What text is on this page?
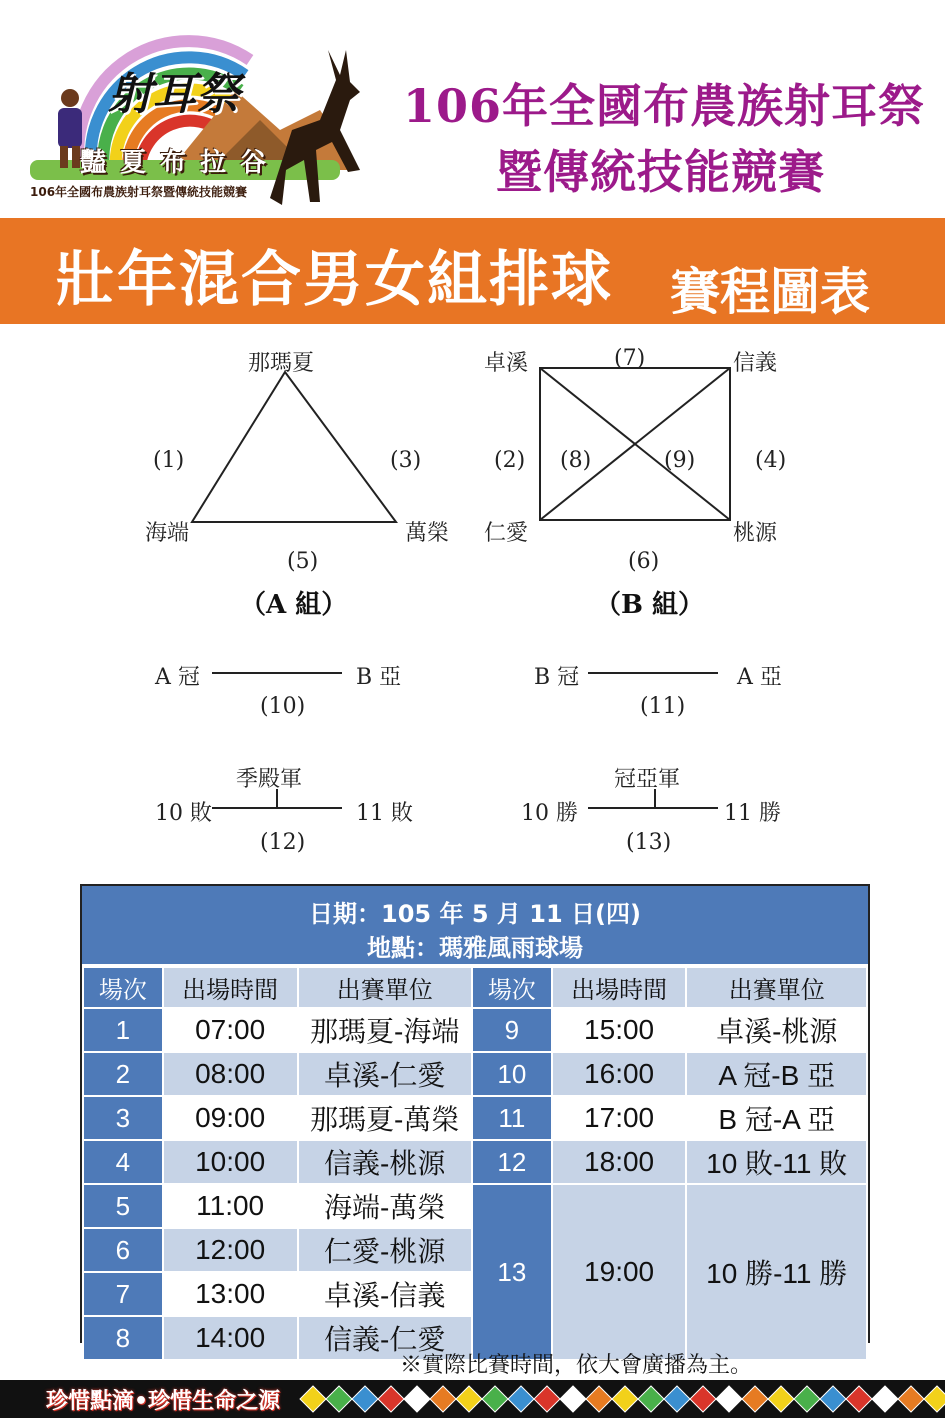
射耳祭
豔夏布拉谷
106年全國布農族射耳祭暨傳統技能競賽
106年全國布農族射耳祭
暨傳統技能競賽
壯年混合男女組排球 賽程圖表
那瑪夏
海端	萬榮
(1)	(3)
(5)
（A 組）
卓溪	信義
仁愛	桃源
(7)
(2) (8)	(9)	(4)
(6)
（B 組）
A 冠	B 亞
(10)
B 冠	A 亞
(11)
季殿軍
10 敗	11 敗
(12)
冠亞軍
10 勝	11 勝
(13)
日期：105 年 5 月 11 日(四)
地點：瑪雅風雨球場
場次	出場時間	出賽單位	場次	出場時間	出賽單位
1	07:00	那瑪夏-海端	9	15:00	卓溪-桃源
2	08:00	卓溪-仁愛	10	16:00	A 冠-B 亞
3	09:00	那瑪夏-萬榮	11	17:00	B 冠-A 亞
4	10:00	信義-桃源	12	18:00	10 敗-11 敗
5	11:00	海端-萬榮	13	19:00	10 勝-11 勝
6	12:00	仁愛-桃源			
7	13:00	卓溪-信義			
8	14:00	信義-仁愛			
※實際比賽時間，依大會廣播為主。
珍惜點滴•珍惜生命之源
